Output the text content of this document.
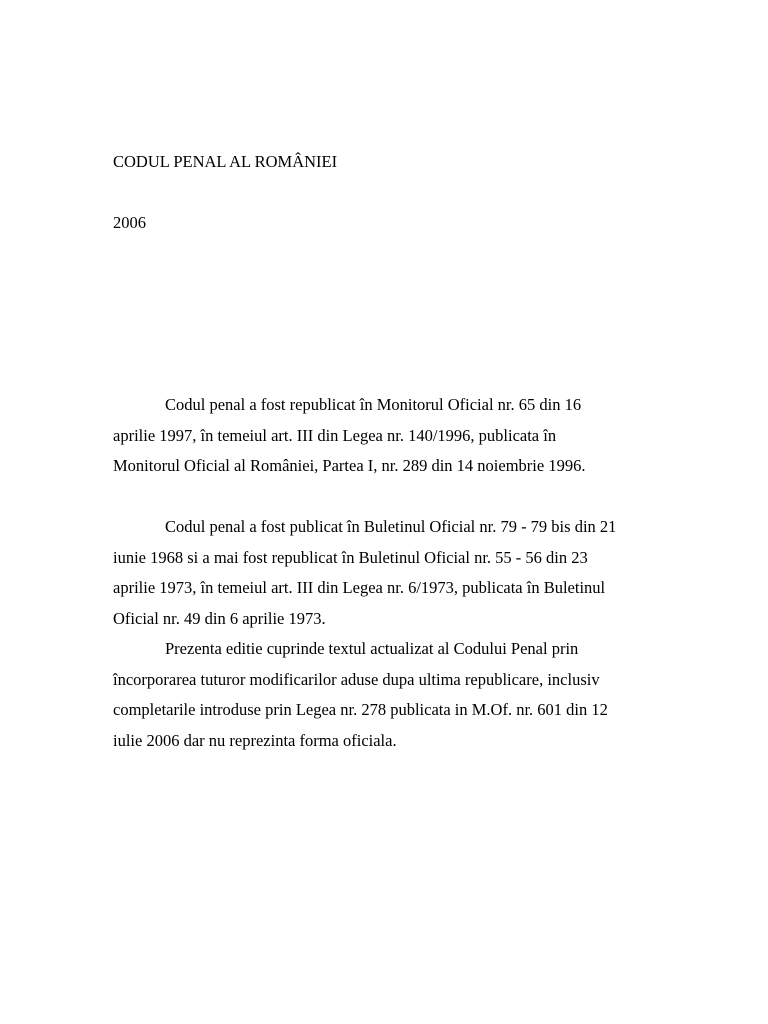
CODUL PENAL AL ROMÂNIEI

2006

Codul penal a fost republicat în Monitorul Oficial nr. 65 din 16
aprilie 1997, în temeiul art. III din Legea nr. 140/1996, publicata în
Monitorul Oficial al României, Partea I, nr. 289 din 14 noiembrie 1996.

Codul penal a fost publicat în Buletinul Oficial nr. 79 - 79 bis din 21
iunie 1968 si a mai fost republicat în Buletinul Oficial nr. 55 - 56 din 23
aprilie 1973, în temeiul art. III din Legea nr. 6/1973, publicata în Buletinul
Oficial nr. 49 din 6 aprilie 1973.

Prezenta editie cuprinde textul actualizat al Codului Penal prin
încorporarea tuturor modificarilor aduse dupa ultima republicare, inclusiv
completarile introduse prin Legea nr. 278 publicata in M.Of. nr. 601 din 12
iulie 2006 dar nu reprezinta forma oficiala.
